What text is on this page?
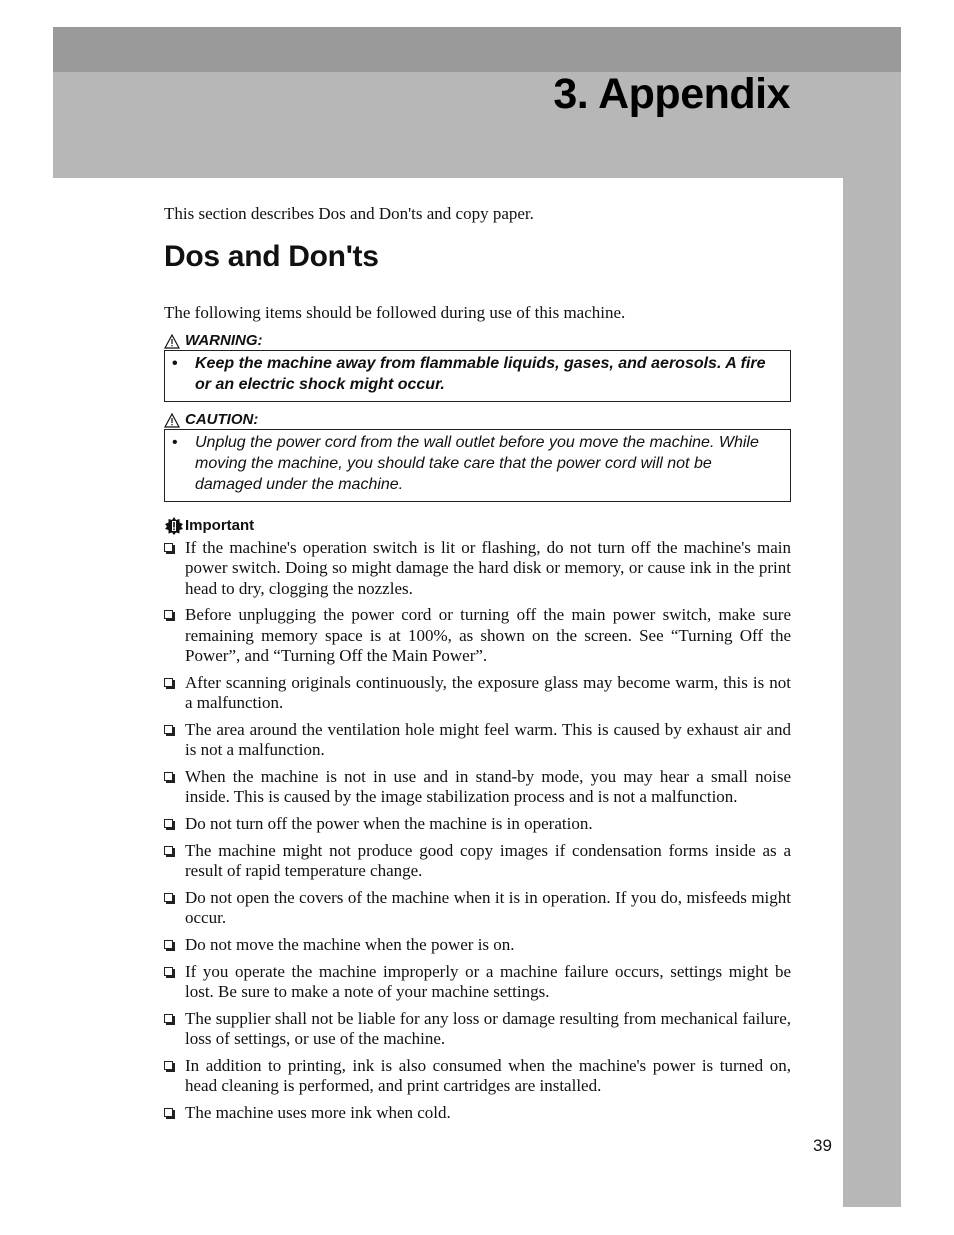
3. Appendix

This section describes Dos and Don'ts and copy paper.

Dos and Don'ts

The following items should be followed during use of this machine.

WARNING:
• Keep the machine away from flammable liquids, gases, and aerosols. A fire or an electric shock might occur.
CAUTION:
• Unplug the power cord from the wall outlet before you move the machine. While moving the machine, you should take care that the power cord will not be damaged under the machine.
Important
If the machine's operation switch is lit or flashing, do not turn off the machine's main power switch. Doing so might damage the hard disk or memory, or cause ink in the print head to dry, clogging the nozzles.
Before unplugging the power cord or turning off the main power switch, make sure remaining memory space is at 100%, as shown on the screen. See “Turning Off the Power”, and “Turning Off the Main Power”.
After scanning originals continuously, the exposure glass may become warm, this is not a malfunction.
The area around the ventilation hole might feel warm. This is caused by exhaust air and is not a malfunction.
When the machine is not in use and in stand-by mode, you may hear a small noise inside. This is caused by the image stabilization process and is not a malfunction.
Do not turn off the power when the machine is in operation.
The machine might not produce good copy images if condensation forms inside as a result of rapid temperature change.
Do not open the covers of the machine when it is in operation. If you do, misfeeds might occur.
Do not move the machine when the power is on.
If you operate the machine improperly or a machine failure occurs, settings might be lost. Be sure to make a note of your machine settings.
The supplier shall not be liable for any loss or damage resulting from mechanical failure, loss of settings, or use of the machine.
In addition to printing, ink is also consumed when the machine's power is turned on, head cleaning is performed, and print cartridges are installed.
The machine uses more ink when cold.
39
